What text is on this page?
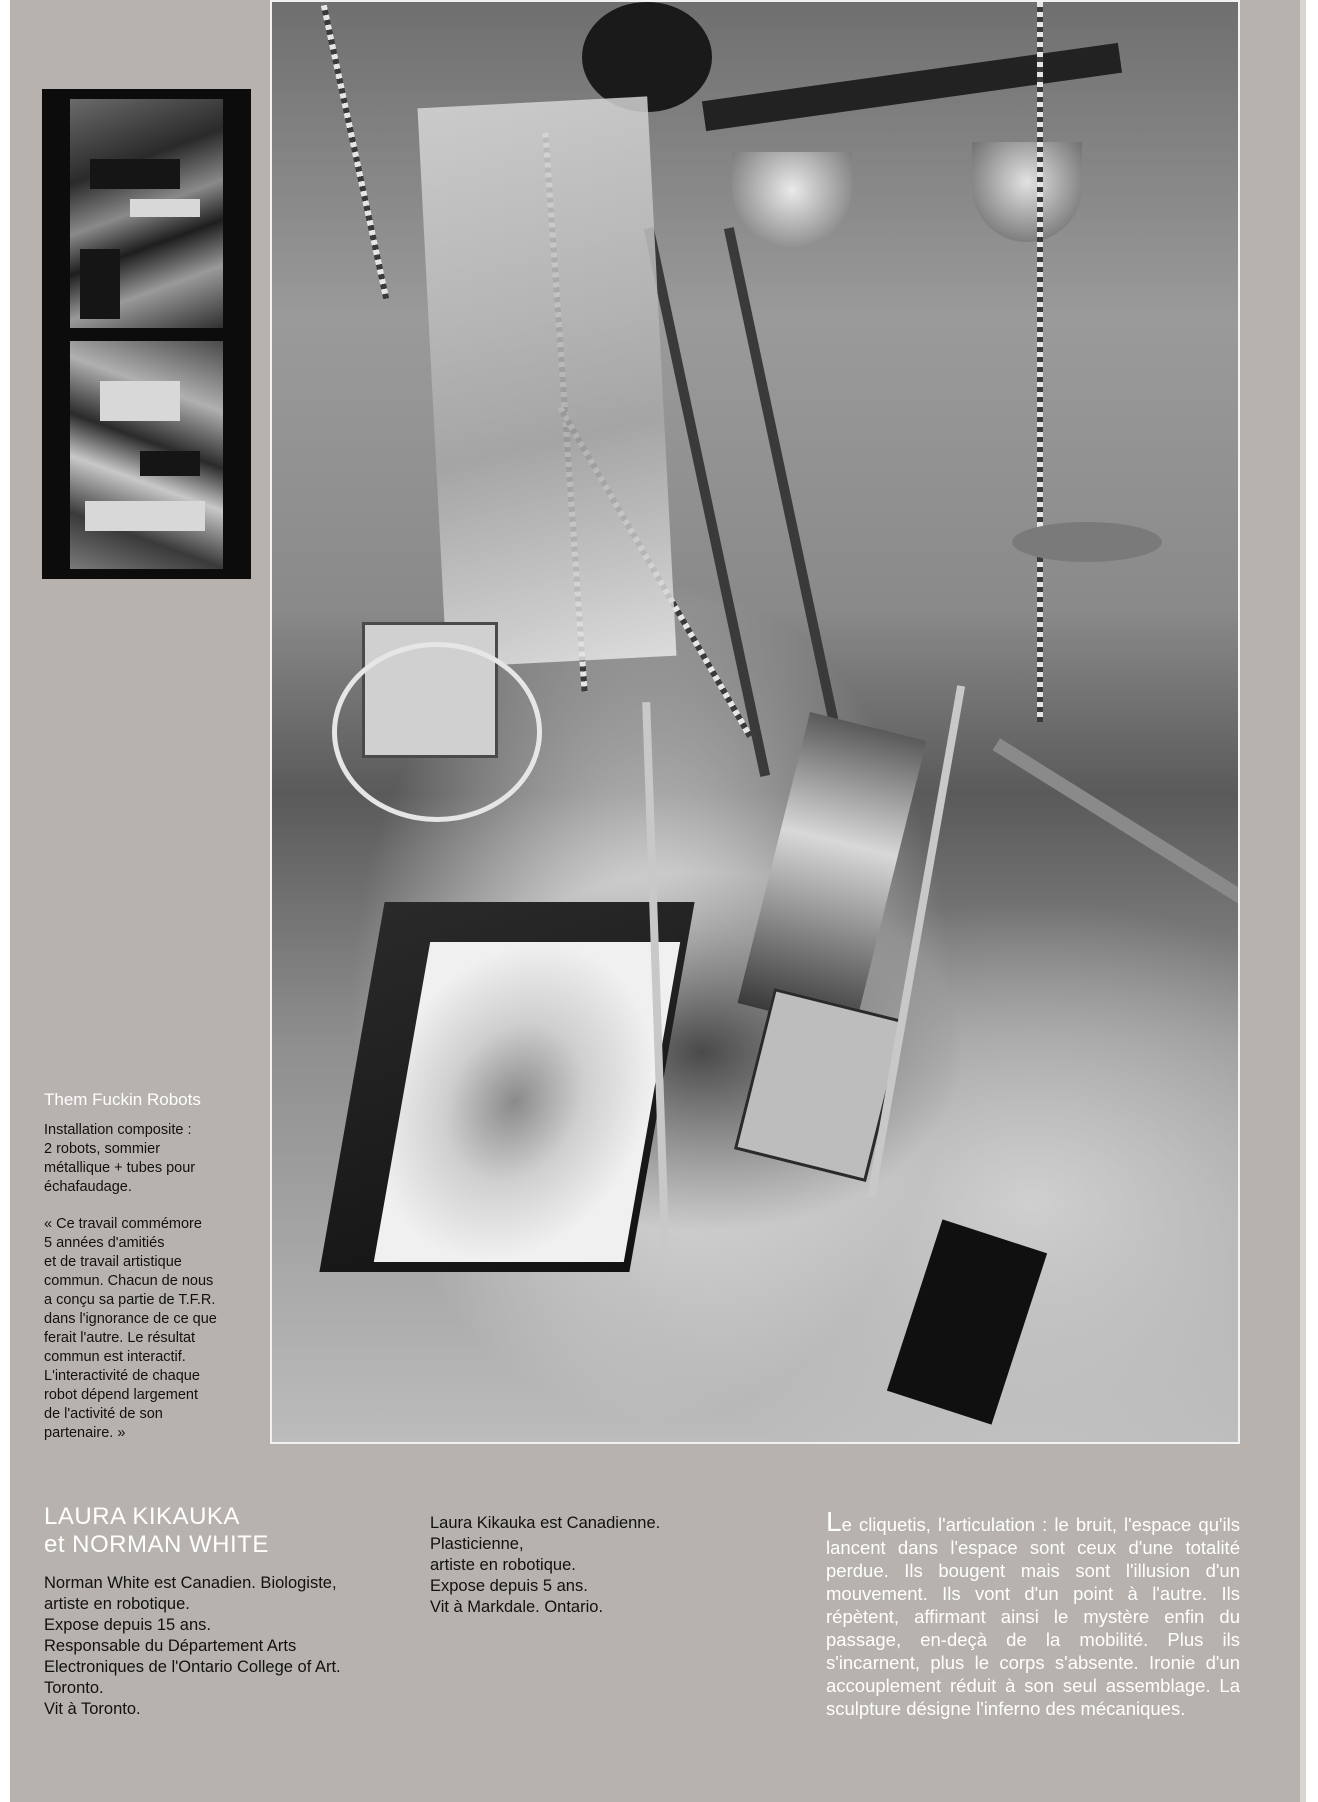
Them Fuckin Robots
Installation composite :
2 robots, sommier
métallique + tubes pour
échafaudage.
« Ce travail commémore
5 années d'amitiés
et de travail artistique
commun. Chacun de nous
a conçu sa partie de T.F.R.
dans l'ignorance de ce que
ferait l'autre. Le résultat
commun est interactif.
L'interactivité de chaque
robot dépend largement
de l'activité de son
partenaire. »
LAURA KIKAUKA
et NORMAN WHITE
Norman White est Canadien. Biologiste,
artiste en robotique.
Expose depuis 15 ans.
Responsable du Département Arts
Electroniques de l'Ontario College of Art.
Toronto.
Vit à Toronto.
Laura Kikauka est Canadienne.
Plasticienne,
artiste en robotique.
Expose depuis 5 ans.
Vit à Markdale. Ontario.
Le cliquetis, l'articulation : le bruit, l'espace qu'ils lancent dans l'espace sont ceux d'une totalité perdue. Ils bougent mais sont l'illusion d'un mouvement. Ils vont d'un point à l'autre. Ils répètent, affirmant ainsi le mystère enfin du passage, en-deçà de la mobilité. Plus ils s'incarnent, plus le corps s'absente. Ironie d'un accouplement réduit à son seul assemblage. La sculpture désigne l'inferno des mécaniques.
